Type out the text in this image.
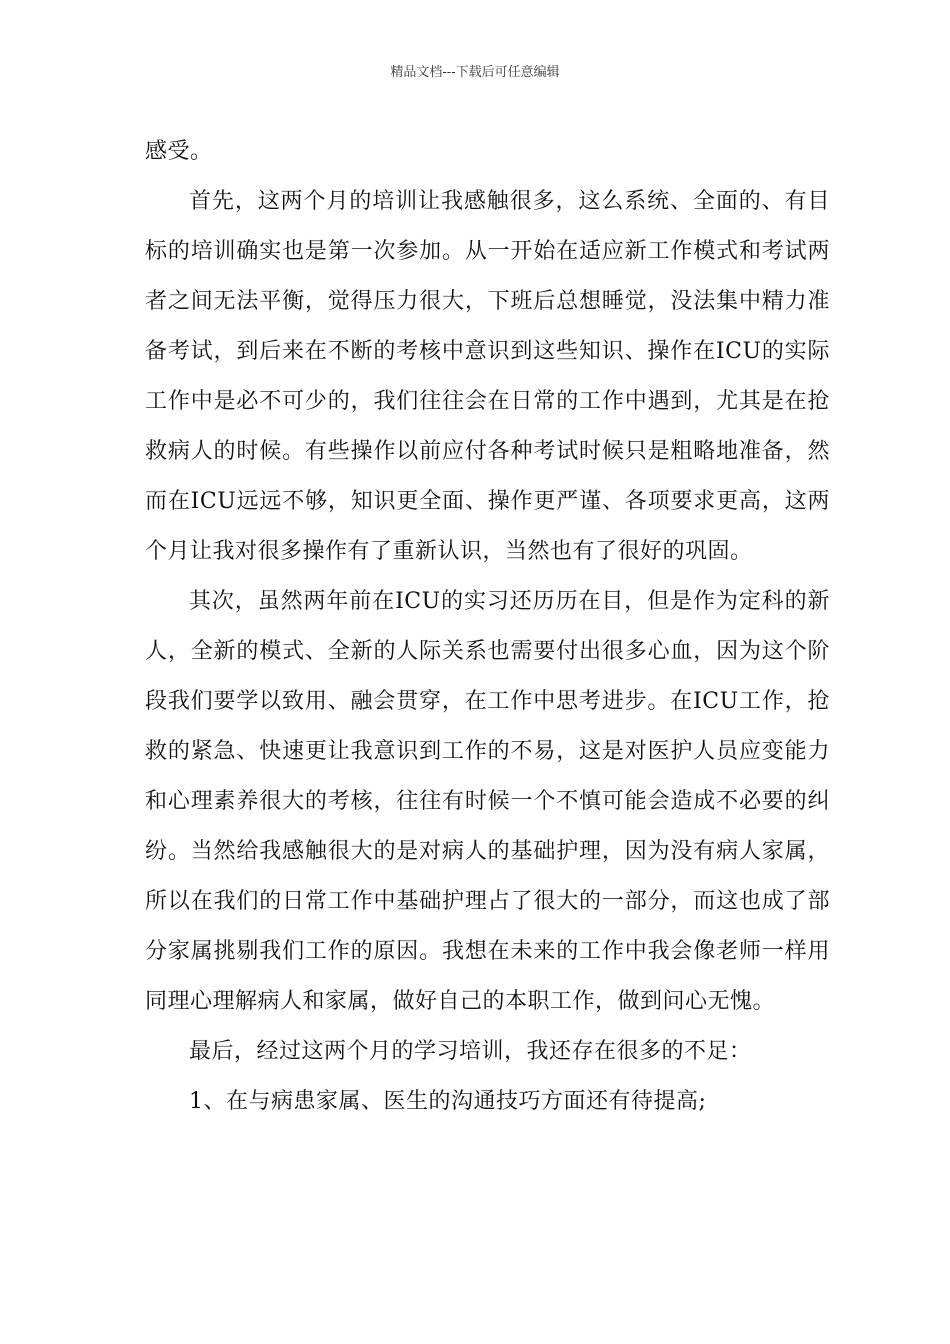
精品文档---下载后可任意编辑

感受。

首先，这两个月的培训让我感触很多，这么系统、全面的、有目标的培训确实也是第一次参加。从一开始在适应新工作模式和考试两者之间无法平衡，觉得压力很大，下班后总想睡觉，没法集中精力准备考试，到后来在不断的考核中意识到这些知识、操作在ICU的实际工作中是必不可少的，我们往往会在日常的工作中遇到，尤其是在抢救病人的时候。有些操作以前应付各种考试时候只是粗略地准备，然而在ICU远远不够，知识更全面、操作更严谨、各项要求更高，这两个月让我对很多操作有了重新认识，当然也有了很好的巩固。

其次，虽然两年前在ICU的实习还历历在目，但是作为定科的新人，全新的模式、全新的人际关系也需要付出很多心血，因为这个阶段我们要学以致用、融会贯穿，在工作中思考进步。在ICU工作，抢救的紧急、快速更让我意识到工作的不易，这是对医护人员应变能力和心理素养很大的考核，往往有时候一个不慎可能会造成不必要的纠纷。当然给我感触很大的是对病人的基础护理，因为没有病人家属，所以在我们的日常工作中基础护理占了很大的一部分，而这也成了部分家属挑剔我们工作的原因。我想在未来的工作中我会像老师一样用同理心理解病人和家属，做好自己的本职工作，做到问心无愧。

最后，经过这两个月的学习培训，我还存在很多的不足：

1、在与病患家属、医生的沟通技巧方面还有待提高;
